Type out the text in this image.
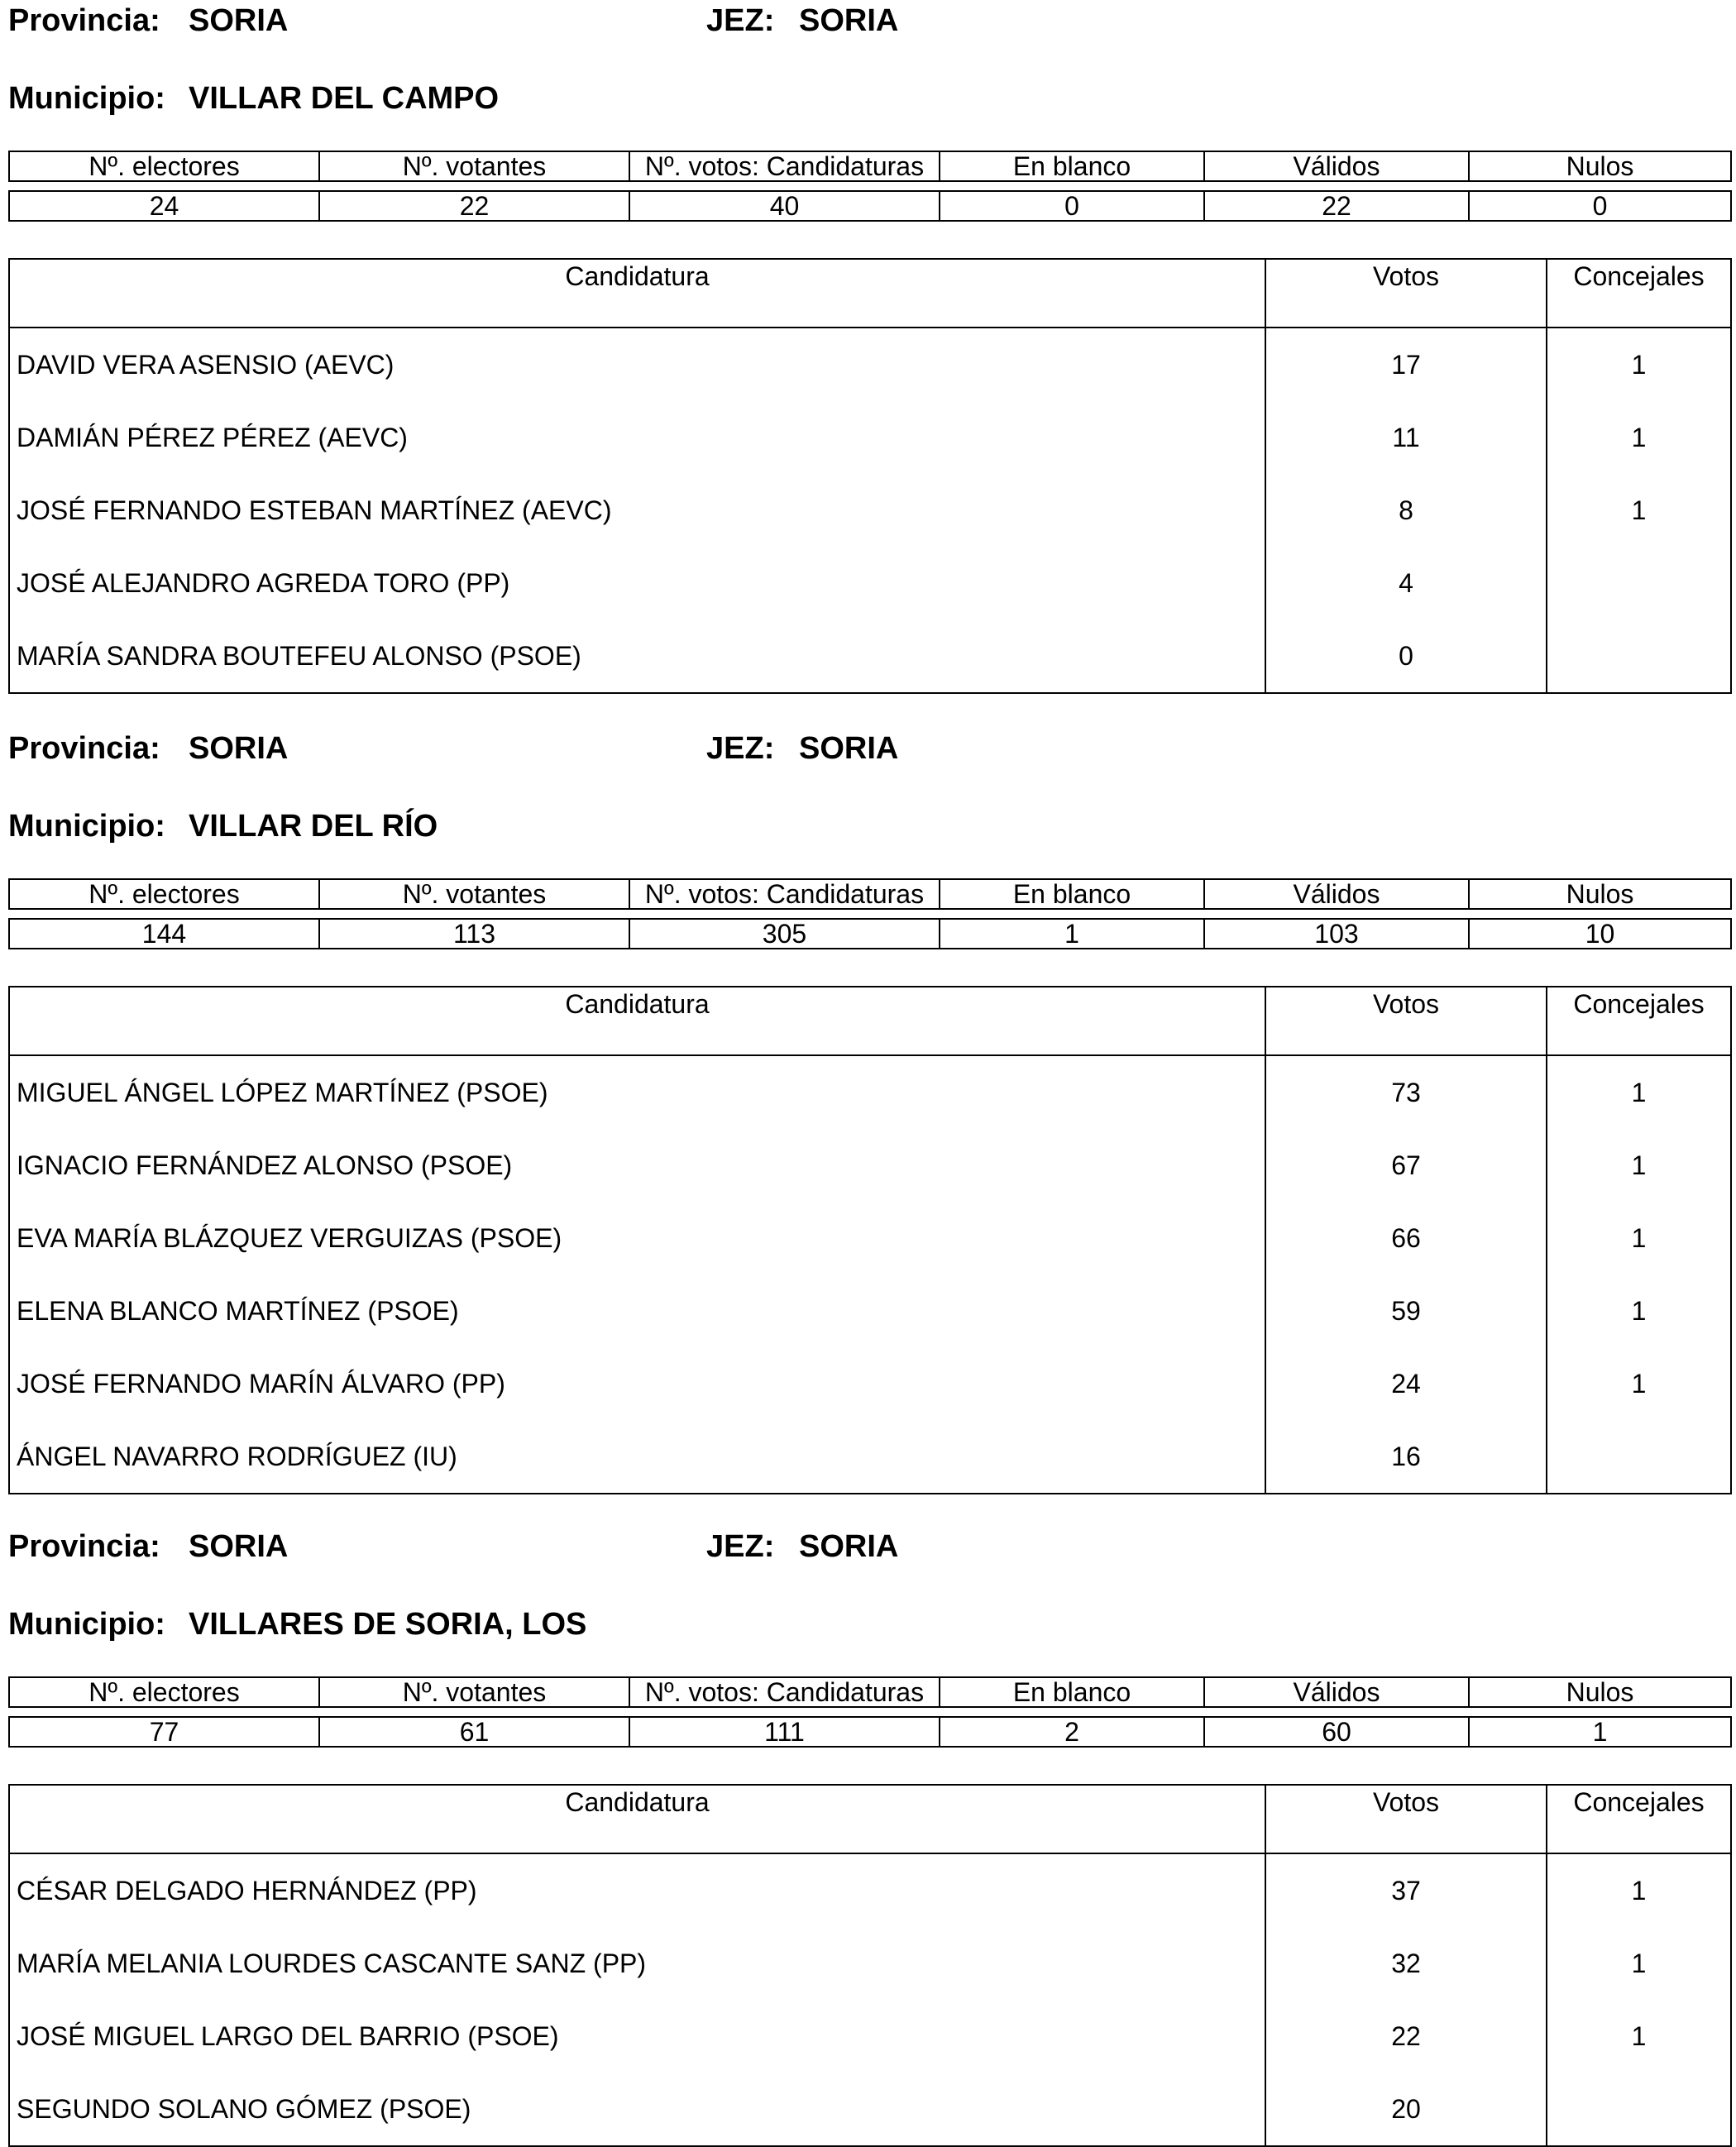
Provincia: SORIA	JEZ: SORIA
Municipio: VILLAR DEL CAMPO
Nº. electores	Nº. votantes	Nº. votos: Candidaturas	En blanco	Válidos	Nulos

24	22	40	0	22	0
Candidatura	Votos	Concejales
DAVID VERA ASENSIO (AEVC)	17	1
DAMIÁN PÉREZ PÉREZ (AEVC)	11	1
JOSÉ FERNANDO ESTEBAN MARTÍNEZ (AEVC)	8	1
JOSÉ ALEJANDRO AGREDA TORO (PP)	4	
MARÍA SANDRA BOUTEFEU ALONSO (PSOE)	0	
Provincia: SORIA	JEZ: SORIA
Municipio: VILLAR DEL RÍO
Nº. electores	Nº. votantes	Nº. votos: Candidaturas	En blanco	Válidos	Nulos

144	113	305	1	103	10
Candidatura	Votos	Concejales
MIGUEL ÁNGEL LÓPEZ MARTÍNEZ (PSOE)	73	1
IGNACIO FERNÁNDEZ ALONSO (PSOE)	67	1
EVA MARÍA BLÁZQUEZ VERGUIZAS (PSOE)	66	1
ELENA BLANCO MARTÍNEZ (PSOE)	59	1
JOSÉ FERNANDO MARÍN ÁLVARO (PP)	24	1
ÁNGEL NAVARRO RODRÍGUEZ (IU)	16	
Provincia: SORIA	JEZ: SORIA
Municipio: VILLARES DE SORIA, LOS
Nº. electores	Nº. votantes	Nº. votos: Candidaturas	En blanco	Válidos	Nulos

77	61	111	2	60	1
Candidatura	Votos	Concejales
CÉSAR DELGADO HERNÁNDEZ (PP)	37	1
MARÍA MELANIA LOURDES CASCANTE SANZ (PP)	32	1
JOSÉ MIGUEL LARGO DEL BARRIO (PSOE)	22	1
SEGUNDO SOLANO GÓMEZ (PSOE)	20	
